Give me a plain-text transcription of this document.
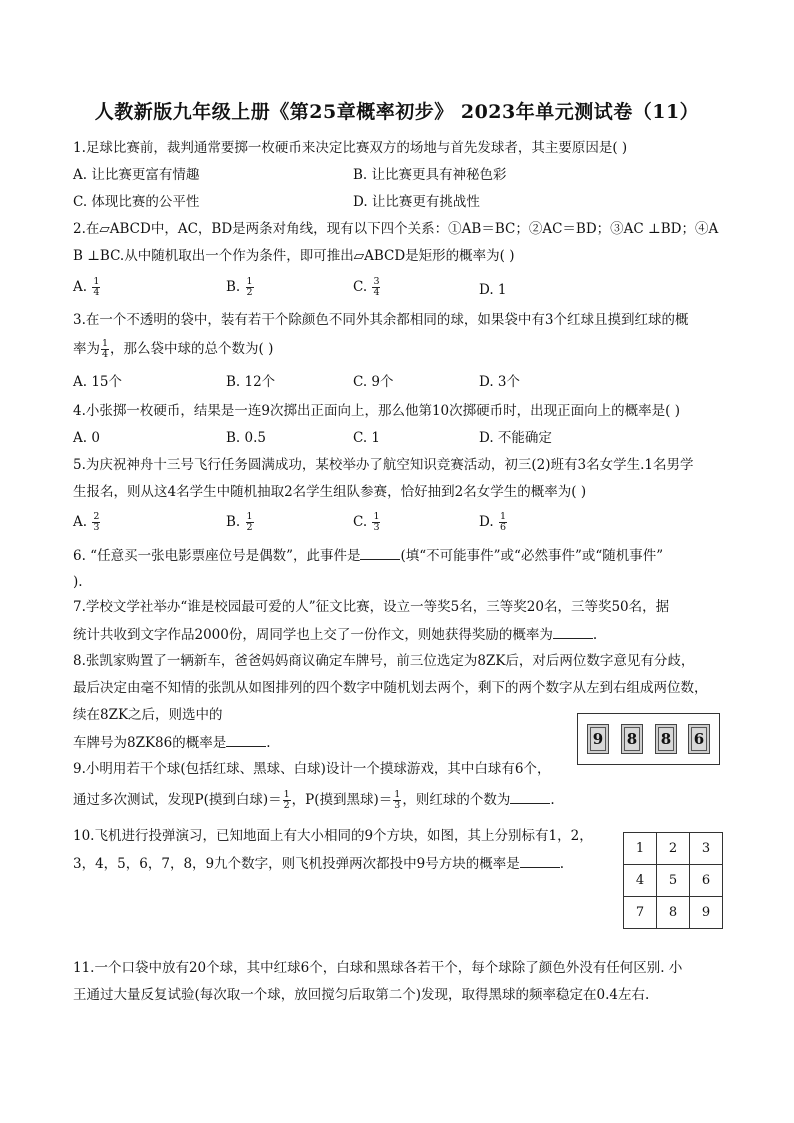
人教新版九年级上册《第25章概率初步》 2023年单元测试卷（11）
1.足球比赛前，裁判通常要掷一枚硬币来决定比赛双方的场地与首先发球者，其主要原因是( )
A. 让比赛更富有情趣	B. 让比赛更具有神秘色彩
C. 体现比赛的公平性	D. 让比赛更有挑战性
2.在▱ABCD中，AC，BD是两条对角线，现有以下四个关系：①AB＝BC；②AC＝BD；③AC ⊥BD；④A
B ⊥BC.从中随机取出一个作为条件，即可推出▱ABCD是矩形的概率为( )
A. $\frac{1}{4}$	B. $\frac{1}{2}$	C. $\frac{3}{4}$	D. 1
3.在一个不透明的袋中，装有若干个除颜色不同外其余都相同的球，如果袋中有3个红球且摸到红球的概
率为 $\frac{1}{4}$ ，那么袋中球的总个数为( )
A. 15个	B. 12个	C. 9个	D. 3个
4.小张掷一枚硬币，结果是一连9次掷出正面向上，那么他第10次掷硬币时，出现正面向上的概率是( )
A. 0	B. 0.5	C. 1	D. 不能确定
5.为庆祝神舟十三号飞行任务圆满成功，某校举办了航空知识竞赛活动，初三(2)班有3名女学生.1名男学
生报名，则从这4名学生中随机抽取2名学生组队参赛，恰好抽到2名女学生的概率为( )
A. $\frac{2}{3}$	B. $\frac{1}{2}$	C. $\frac{1}{3}$	D. $\frac{1}{6}$
6. “任意买一张电影票座位号是偶数”，此事件是	(填“不可能事件”或“必然事件”或“随机事件”
).
7.学校文学社举办“谁是校园最可爱的人”征文比赛，设立一等奖5名，三等奖20名，三等奖50名，据
统计共收到文字作品2000份，周同学也上交了一份作文，则她获得奖励的概率为	.
8.张凯家购置了一辆新车，爸爸妈妈商议确定车牌号，前三位选定为8ZK后，对后两位数字意见有分歧，
最后决定由毫不知情的张凯从如图排列的四个数字中随机划去两个，剩下的两个数字从左到右组成两位数，
续在8ZK之后，则选中的
车牌号为8ZK86的概率是	.	9 8 8 6
9.小明用若干个球(包括红球、黑球、白球)设计一个摸球游戏，其中白球有6个，
通过多次测试，发现P(摸到白球)＝ $\frac{1}{2}$ ，P(摸到黑球)＝ $\frac{1}{3}$ ，则红球的个数为	.
10.飞机进行投弹演习，已知地面上有大小相同的9个方块，如图，其上分别标有1，2，
3，4，5，6，7，8，9九个数字，则飞机投弹两次都投中9号方块的概率是	.
1	2	3
4	5	6
7	8	9
11.一个口袋中放有20个球，其中红球6个，白球和黑球各若干个，每个球除了颜色外没有任何区别. 小
王通过大量反复试验(每次取一个球，放回搅匀后取第二个)发现，取得黑球的频率稳定在0.4左右.
